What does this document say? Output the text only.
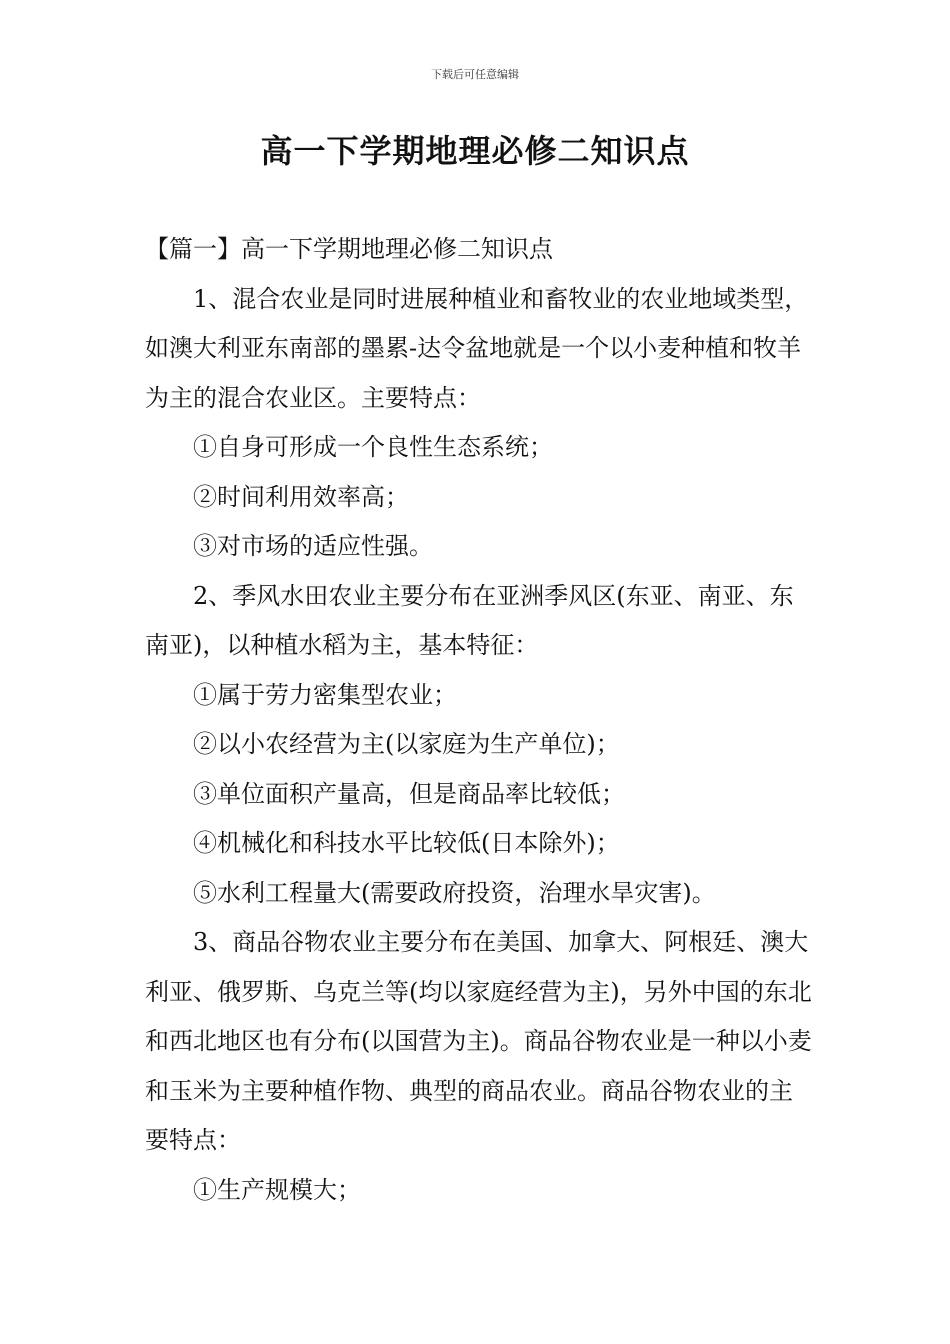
下载后可任意编辑
高一下学期地理必修二知识点

【篇一】高一下学期地理必修二知识点

1、混合农业是同时进展种植业和畜牧业的农业地域类型，如澳大利亚东南部的墨累-达令盆地就是一个以小麦种植和牧羊为主的混合农业区。主要特点：

①自身可形成一个良性生态系统；

②时间利用效率高；

③对市场的适应性强。

2、季风水田农业主要分布在亚洲季风区(东亚、南亚、东南亚)，以种植水稻为主，基本特征：

①属于劳力密集型农业；

②以小农经营为主(以家庭为生产单位)；

③单位面积产量高，但是商品率比较低；

④机械化和科技水平比较低(日本除外)；

⑤水利工程量大(需要政府投资，治理水旱灾害)。

3、商品谷物农业主要分布在美国、加拿大、阿根廷、澳大利亚、俄罗斯、乌克兰等(均以家庭经营为主)，另外中国的东北和西北地区也有分布(以国营为主)。商品谷物农业是一种以小麦和玉米为主要种植作物、典型的商品农业。商品谷物农业的主要特点：

①生产规模大；
